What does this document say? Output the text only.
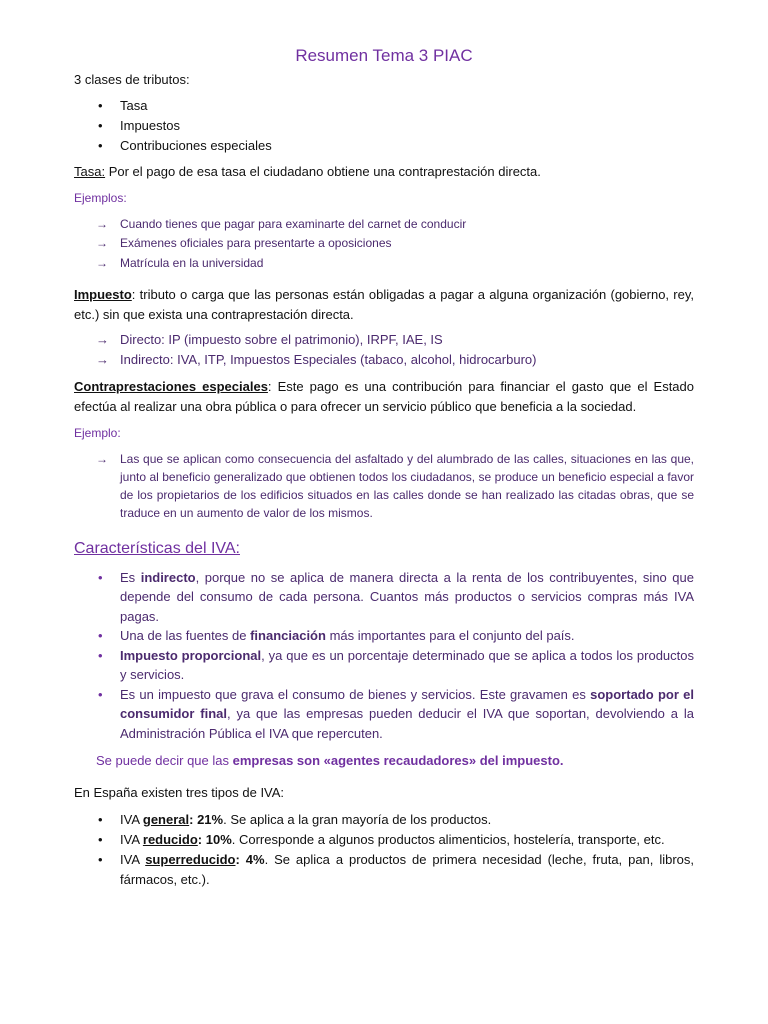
Resumen Tema 3 PIAC

3 clases de tributos:

• Tasa
• Impuestos
• Contribuciones especiales

Tasa: Por el pago de esa tasa el ciudadano obtiene una contraprestación directa.

Ejemplos:

→ Cuando tienes que pagar para examinarte del carnet de conducir
→ Exámenes oficiales para presentarte a oposiciones
→ Matrícula en la universidad

Impuesto: tributo o carga que las personas están obligadas a pagar a alguna organización (gobierno, rey, etc.) sin que exista una contraprestación directa.

→ Directo: IP (impuesto sobre el patrimonio), IRPF, IAE, IS
→ Indirecto: IVA, ITP, Impuestos Especiales (tabaco, alcohol, hidrocarburo)

Contraprestaciones especiales: Este pago es una contribución para financiar el gasto que el Estado efectúa al realizar una obra pública o para ofrecer un servicio público que beneficia a la sociedad.

Ejemplo:

→ Las que se aplican como consecuencia del asfaltado y del alumbrado de las calles, situaciones en las que, junto al beneficio generalizado que obtienen todos los ciudadanos, se produce un beneficio especial a favor de los propietarios de los edificios situados en las calles donde se han realizado las citadas obras, que se traduce en un aumento de valor de los mismos.
Características del IVA:
• Es indirecto, porque no se aplica de manera directa a la renta de los contribuyentes, sino que depende del consumo de cada persona. Cuantos más productos o servicios compras más IVA pagas.
• Una de las fuentes de financiación más importantes para el conjunto del país.
• Impuesto proporcional, ya que es un porcentaje determinado que se aplica a todos los productos y servicios.
• Es un impuesto que grava el consumo de bienes y servicios. Este gravamen es soportado por el consumidor final, ya que las empresas pueden deducir el IVA que soportan, devolviendo a la Administración Pública el IVA que repercuten.

Se puede decir que las empresas son «agentes recaudadores» del impuesto.

En España existen tres tipos de IVA:

• IVA general: 21%. Se aplica a la gran mayoría de los productos.
• IVA reducido: 10%. Corresponde a algunos productos alimenticios, hostelería, transporte, etc.
• IVA superreducido: 4%. Se aplica a productos de primera necesidad (leche, fruta, pan, libros, fármacos, etc.).
